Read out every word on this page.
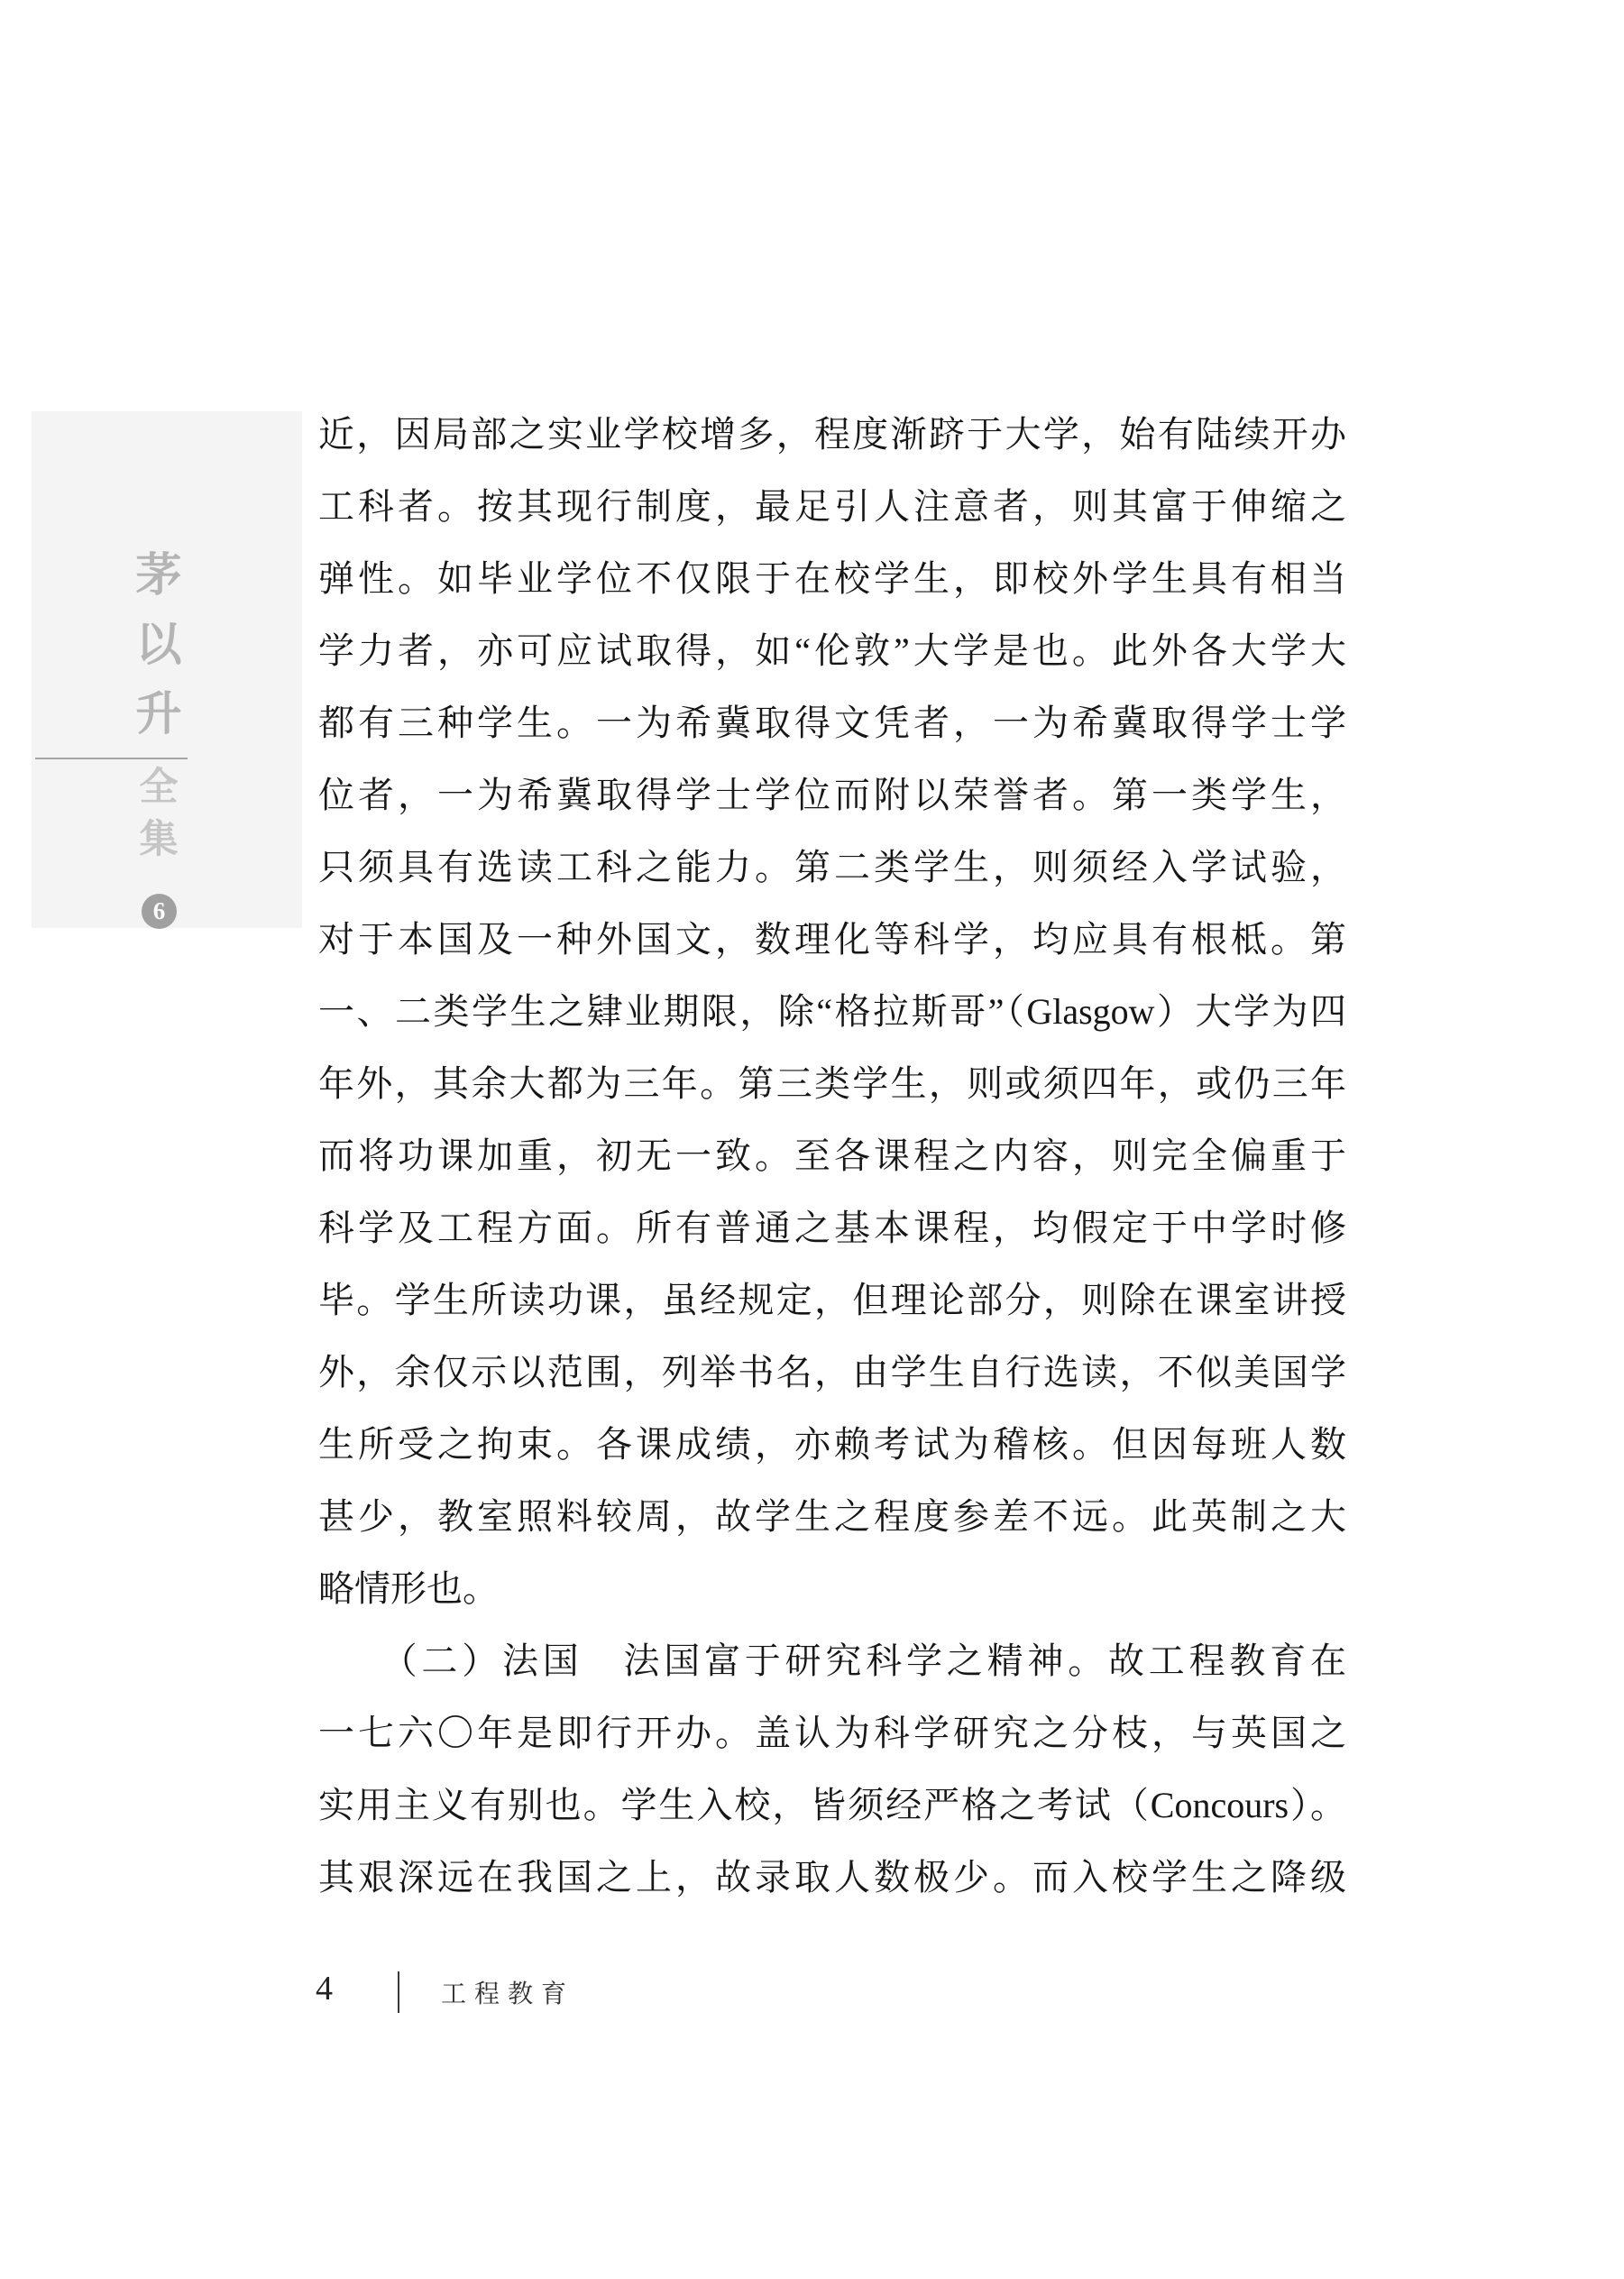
茅
以
升
全
集
6
近，因局部之实业学校增多，程度渐跻于大学，始有陆续开办
工科者。按其现行制度，最足引人注意者，则其富于伸缩之
弹性。如毕业学位不仅限于在校学生，即校外学生具有相当
学力者，亦可应试取得，如“伦敦”大学是也。此外各大学大
都有三种学生。一为希冀取得文凭者，一为希冀取得学士学
位者，一为希冀取得学士学位而附以荣誉者。第一类学生，
只须具有选读工科之能力。第二类学生，则须经入学试验，
对于本国及一种外国文，数理化等科学，均应具有根柢。第
一、二类学生之肄业期限，除“格拉斯哥”（Glasgow）大学为四
年外，其余大都为三年。第三类学生，则或须四年，或仍三年
而将功课加重，初无一致。至各课程之内容，则完全偏重于
科学及工程方面。所有普通之基本课程，均假定于中学时修
毕。学生所读功课，虽经规定，但理论部分，则除在课室讲授
外，余仅示以范围，列举书名，由学生自行选读，不似美国学
生所受之拘束。各课成绩，亦赖考试为稽核。但因每班人数
甚少，教室照料较周，故学生之程度参差不远。此英制之大
略情形也。
　　（二）法国　法国富于研究科学之精神。故工程教育在
一七六〇年是即行开办。盖认为科学研究之分枝，与英国之
实用主义有别也。学生入校，皆须经严格之考试（Concours）。
其艰深远在我国之上，故录取人数极少。而入校学生之降级
4	工程教育
